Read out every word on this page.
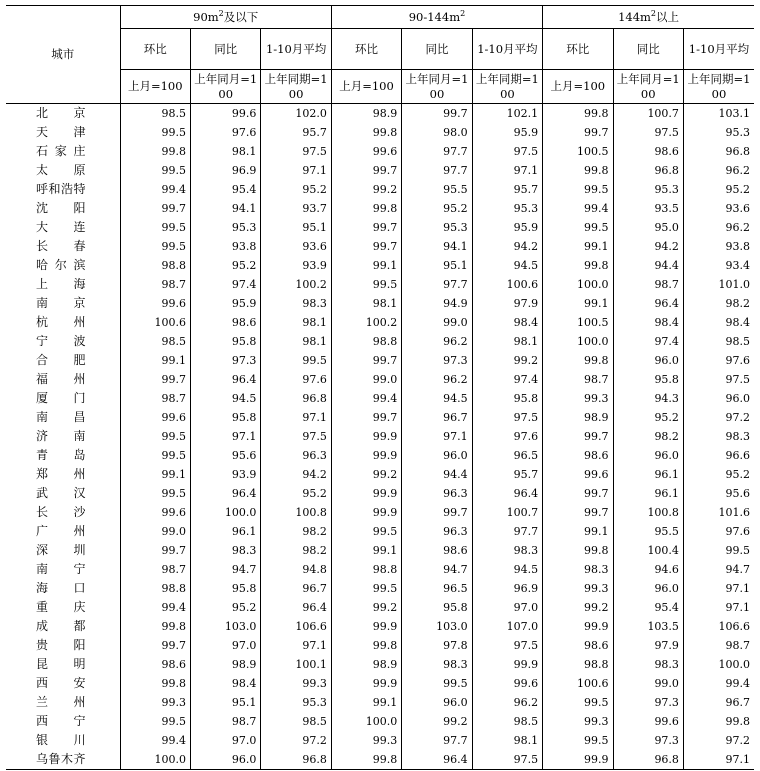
城市	$90m^2$及以下			$90-144m^2$			$144m^2$以上		
	环比	同比	1-10月平均	环比	同比	1-10月平均	环比	同比	1-10月平均
	上月=100	上年同月=100	上年同期=100	上月=100	上年同月=100	上年同期=100	上月=100	上年同月=100	上年同期=100
北京	98.5	99.6	102.0	98.9	99.7	102.1	99.8	100.7	103.1
天津	99.5	97.6	95.7	99.8	98.0	95.9	99.7	97.5	95.3
石家庄	99.8	98.1	97.5	99.6	97.7	97.5	100.5	98.6	96.8
太原	99.5	96.9	97.1	99.7	97.7	97.1	99.8	96.8	96.2
呼和浩特	99.4	95.4	95.2	99.2	95.5	95.7	99.5	95.3	95.2
沈阳	99.7	94.1	93.7	99.8	95.2	95.3	99.4	93.5	93.6
大连	99.5	95.3	95.1	99.7	95.3	95.9	99.5	95.0	96.2
长春	99.5	93.8	93.6	99.7	94.1	94.2	99.1	94.2	93.8
哈尔滨	98.8	95.2	93.9	99.1	95.1	94.5	99.8	94.4	93.4
上海	98.7	97.4	100.2	99.5	97.7	100.6	100.0	98.7	101.0
南京	99.6	95.9	98.3	98.1	94.9	97.9	99.1	96.4	98.2
杭州	100.6	98.6	98.1	100.2	99.0	98.4	100.5	98.4	98.4
宁波	98.5	95.8	98.1	98.8	96.2	98.1	100.0	97.4	98.5
合肥	99.1	97.3	99.5	99.7	97.3	99.2	99.8	96.0	97.6
福州	99.7	96.4	97.6	99.0	96.2	97.4	98.7	95.8	97.5
厦门	98.7	94.5	96.8	99.4	94.5	95.8	99.3	94.3	96.0
南昌	99.6	95.8	97.1	99.7	96.7	97.5	98.9	95.2	97.2
济南	99.5	97.1	97.5	99.9	97.1	97.6	99.7	98.2	98.3
青岛	99.5	95.6	96.3	99.9	96.0	96.5	98.6	96.0	96.6
郑州	99.1	93.9	94.2	99.2	94.4	95.7	99.6	96.1	95.2
武汉	99.5	96.4	95.2	99.9	96.3	96.4	99.7	96.1	95.6
长沙	99.6	100.0	100.8	99.9	99.7	100.7	99.7	100.8	101.6
广州	99.0	96.1	98.2	99.5	96.3	97.7	99.1	95.5	97.6
深圳	99.7	98.3	98.2	99.1	98.6	98.3	99.8	100.4	99.5
南宁	98.7	94.7	94.8	98.8	94.7	94.5	98.3	94.6	94.7
海口	98.8	95.8	96.7	99.5	96.5	96.9	99.3	96.0	97.1
重庆	99.4	95.2	96.4	99.2	95.8	97.0	99.2	95.4	97.1
成都	99.8	103.0	106.6	99.9	103.0	107.0	99.9	103.5	106.6
贵阳	99.7	97.0	97.1	99.8	97.8	97.5	98.6	97.9	98.7
昆明	98.6	98.9	100.1	98.9	98.3	99.9	98.8	98.3	100.0
西安	99.8	98.4	99.3	99.9	99.5	99.6	100.6	99.0	99.4
兰州	99.3	95.1	95.3	99.1	96.0	96.2	99.5	97.3	96.7
西宁	99.5	98.7	98.5	100.0	99.2	98.5	99.3	99.6	99.8
银川	99.4	97.0	97.2	99.3	97.7	98.1	99.5	97.3	97.2
乌鲁木齐	100.0	96.0	96.8	99.8	96.4	97.5	99.9	96.8	97.1
